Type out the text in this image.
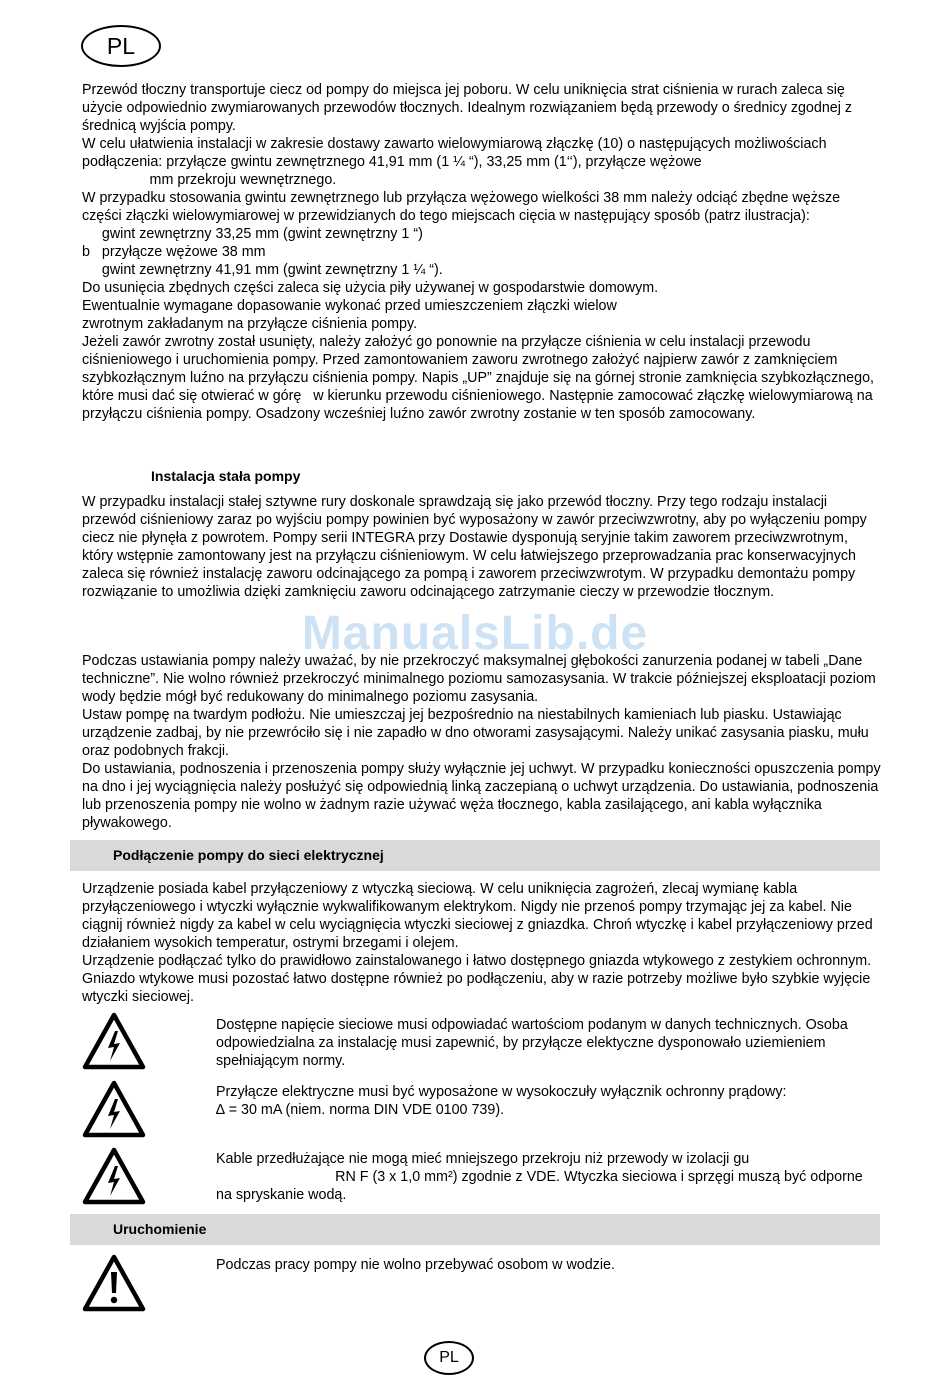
PL

Przewód tłoczny transportuje ciecz od pompy do miejsca jej poboru. W celu uniknięcia strat ciśnienia w rurach zaleca się użycie odpowiednio zwymiarowanych przewodów tłocznych. Idealnym rozwiązaniem będą przewody o średnicy zgodnej z średnicą wyjścia pompy.

W celu ułatwienia instalacji w zakresie dostawy zawarto wielowymiarową złączkę (10) o następujących możliwościach podłączenia: przyłącze gwintu zewnętrznego 41,91 mm (1 ¼ “), 33,25 mm (1‘‘), przyłącze wężowe
mm przekroju wewnętrznego.

W przypadku stosowania gwintu zewnętrznego lub przyłącza wężowego wielkości 38 mm należy odciąć zbędne węższe części złączki wielowymiarowej w przewidzianych do tego miejscach cięcia w następujący sposób (patrz ilustracja):

gwint zewnętrzny 33,25 mm (gwint zewnętrzny 1 “)

b   przyłącze wężowe 38 mm

gwint zewnętrzny 41,91 mm (gwint zewnętrzny 1 ¼ “).

Do usunięcia zbędnych części zaleca się użycia piły używanej w gospodarstwie domowym.

Ewentualnie wymagane dopasowanie wykonać przed umieszczeniem złączki wielow
zwrotnym zakładanym na przyłącze ciśnienia pompy.

Jeżeli zawór zwrotny został usunięty, należy założyć go ponownie na przyłącze ciśnienia w celu instalacji przewodu ciśnieniowego i uruchomienia pompy. Przed zamontowaniem zaworu zwrotnego założyć najpierw zawór z zamknięciem szybkozłącznym luźno na przyłączu ciśnienia pompy. Napis „UP” znajduje się na górnej stronie zamknięcia szybkozłącznego, które musi dać się otwierać w górę   w kierunku przewodu ciśnieniowego. Następnie zamocować złączkę wielowymiarową na przyłączu ciśnienia pompy. Osadzony wcześniej luźno zawór zwrotny zostanie w ten sposób zamocowany.

Instalacja stała pompy

W przypadku instalacji stałej sztywne rury doskonale sprawdzają się jako przewód tłoczny. Przy tego rodzaju instalacji przewód ciśnieniowy zaraz po wyjściu pompy powinien być wyposażony w zawór przeciwzwrotny, aby po wyłączeniu pompy ciecz nie płynęła z powrotem. Pompy serii INTEGRA przy Dostawie dysponują seryjnie takim zaworem przeciwzwrotnym, który wstępnie zamontowany jest na przyłączu ciśnieniowym. W celu łatwiejszego przeprowadzania prac konserwacyjnych zaleca się również instalację zaworu odcinającego za pompą i zaworem przeciwzwrotym. W przypadku demontażu pompy rozwiązanie to umożliwia dzięki zamknięciu zaworu odcinającego zatrzymanie cieczy w przewodzie tłocznym.

ManualsLib.de

Podczas ustawiania pompy należy uważać, by nie przekroczyć maksymalnej głębokości zanurzenia podanej w tabeli „Dane techniczne”. Nie wolno również przekroczyć minimalnego poziomu samozasysania. W trakcie późniejszej eksploatacji poziom wody będzie mógł być redukowany do minimalnego poziomu zasysania.

Ustaw pompę na twardym podłożu. Nie umieszczaj jej bezpośrednio na niestabilnych kamieniach lub piasku. Ustawiając urządzenie zadbaj, by nie przewróciło się i nie zapadło w dno otworami zasysającymi. Należy unikać zasysania piasku, mułu oraz podobnych frakcji.

Do ustawiania, podnoszenia i przenoszenia pompy służy wyłącznie jej uchwyt. W przypadku konieczności opuszczenia pompy na dno i jej wyciągnięcia należy posłużyć się odpowiednią linką zaczepianą o uchwyt urządzenia. Do ustawiania, podnoszenia lub przenoszenia pompy nie wolno w żadnym razie używać węża tłocznego, kabla zasilającego, ani kabla wyłącznika pływakowego.

Podłączenie pompy do sieci elektrycznej

Urządzenie posiada kabel przyłączeniowy z wtyczką sieciową. W celu uniknięcia zagrożeń, zlecaj wymianę kabla przyłączeniowego i wtyczki wyłącznie wykwalifikowanym elektrykom. Nigdy nie przenoś pompy trzymając jej za kabel. Nie ciągnij również nigdy za kabel w celu wyciągnięcia wtyczki sieciowej z gniazdka. Chroń wtyczkę i kabel przyłączeniowy przed działaniem wysokich temperatur, ostrymi brzegami i olejem.

Urządzenie podłączać tylko do prawidłowo zainstalowanego i łatwo dostępnego gniazda wtykowego z zestykiem ochronnym. Gniazdo wtykowe musi pozostać łatwo dostępne również po podłączeniu, aby w razie potrzeby możliwe było szybkie wyjęcie wtyczki sieciowej.

Dostępne napięcie sieciowe musi odpowiadać wartościom podanym w danych technicznych. Osoba odpowiedzialna za instalację musi zapewnić, by przyłącze elektyczne dysponowało uziemieniem spełniającym normy.

Przyłącze elektryczne musi być wyposażone w wysokoczuły wyłącznik ochronny prądowy:
∆ = 30 mA (niem. norma DIN VDE 0100 739).

Kable przedłużające nie mogą mieć mniejszego przekroju niż przewody w izolacji gu
RN F (3 x 1,0 mm²) zgodnie z VDE. Wtyczka sieciowa i sprzęgi muszą być odporne na spryskanie wodą.

Uruchomienie

Podczas pracy pompy nie wolno przebywać osobom w wodzie.

PL
